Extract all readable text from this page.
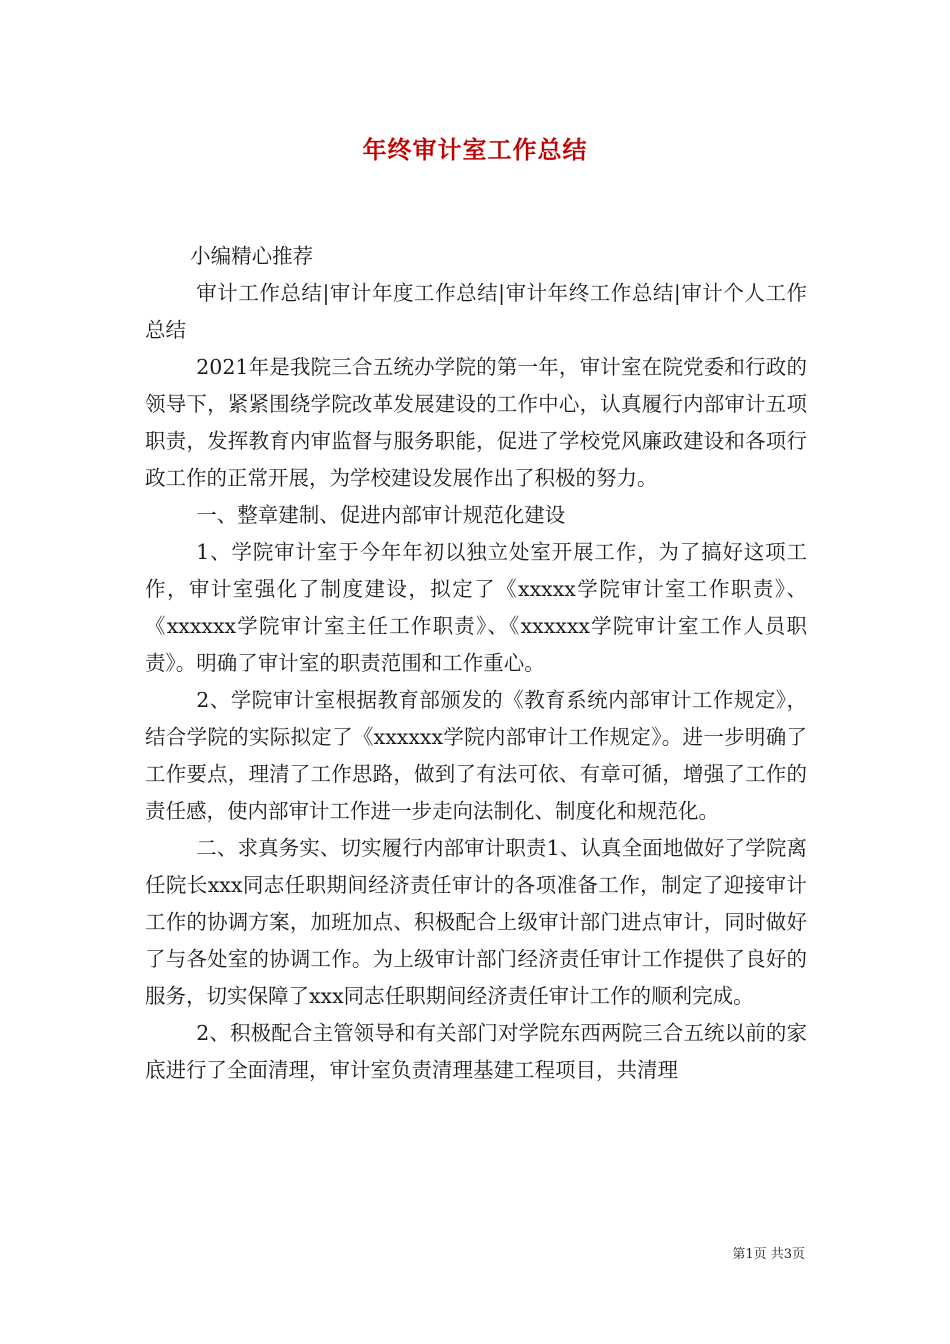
年终审计室工作总结

小编精心推荐

审计工作总结|审计年度工作总结|审计年终工作总结|审计个人工作总结

2021年是我院三合五统办学院的第一年，审计室在院党委和行政的领导下，紧紧围绕学院改革发展建设的工作中心，认真履行内部审计五项职责，发挥教育内审监督与服务职能，促进了学校党风廉政建设和各项行政工作的正常开展，为学校建设发展作出了积极的努力。

一、整章建制、促进内部审计规范化建设

1、学院审计室于今年年初以独立处室开展工作，为了搞好这项工作，审计室强化了制度建设，拟定了《xxxxx学院审计室工作职责》、《xxxxxx学院审计室主任工作职责》、《xxxxxx学院审计室工作人员职责》。明确了审计室的职责范围和工作重心。

2、学院审计室根据教育部颁发的《教育系统内部审计工作规定》，结合学院的实际拟定了《xxxxxx学院内部审计工作规定》。进一步明确了工作要点，理清了工作思路，做到了有法可依、有章可循，增强了工作的责任感，使内部审计工作进一步走向法制化、制度化和规范化。

二、求真务实、切实履行内部审计职责1、认真全面地做好了学院离任院长xxx同志任职期间经济责任审计的各项准备工作，制定了迎接审计工作的协调方案，加班加点、积极配合上级审计部门进点审计，同时做好了与各处室的协调工作。为上级审计部门经济责任审计工作提供了良好的服务，切实保障了xxx同志任职期间经济责任审计工作的顺利完成。

2、积极配合主管领导和有关部门对学院东西两院三合五统以前的家底进行了全面清理，审计室负责清理基建工程项目，共清理

第1页 共3页
